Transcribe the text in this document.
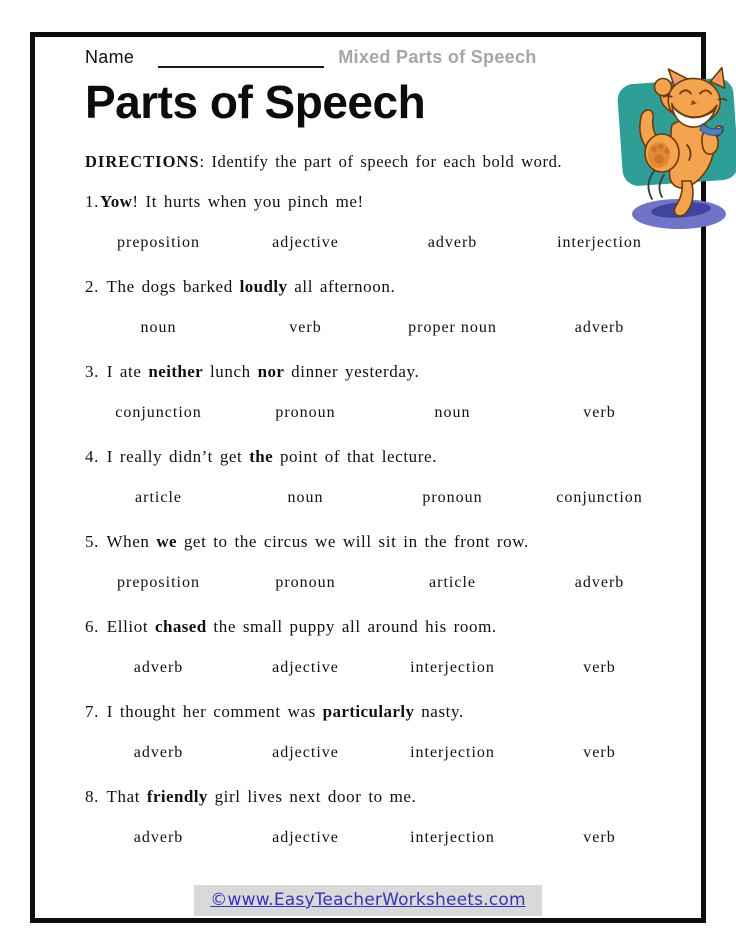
Name	Mixed Parts of Speech
Parts of Speech

DIRECTIONS: Identify the part of speech for each bold word.

1.Yow! It hurts when you pinch me!

preposition	adjective	adverb	interjection

2. The dogs barked loudly all afternoon.

noun	verb	proper noun	adverb

3. I ate neither lunch nor dinner yesterday.

conjunction	pronoun	noun	verb

4. I really didn’t get the point of that lecture.

article	noun	pronoun	conjunction

5. When we get to the circus we will sit in the front row.

preposition	pronoun	article	adverb

6. Elliot chased the small puppy all around his room.

adverb	adjective	interjection	verb

7. I thought her comment was particularly nasty.

adverb	adjective	interjection	verb

8. That friendly girl lives next door to me.

adverb	adjective	interjection	verb
©www.EasyTeacherWorksheets.com
